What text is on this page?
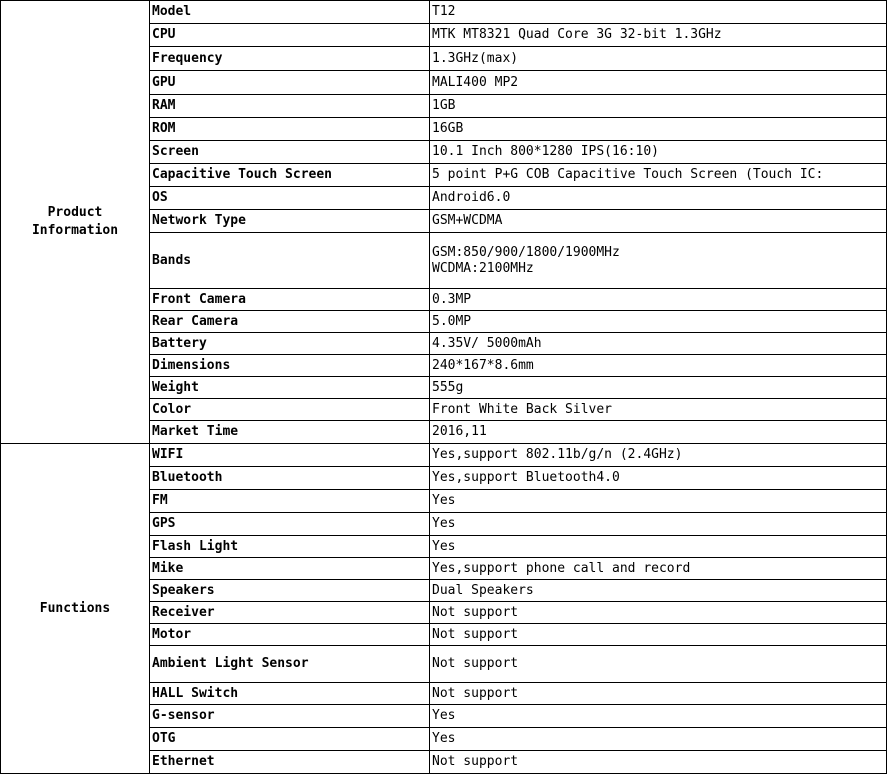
Product
Information	Model	T12
	CPU	MTK MT8321 Quad Core 3G 32-bit 1.3GHz
	Frequency	1.3GHz(max)
	GPU	MALI400 MP2
	RAM	1GB
	ROM	16GB
	Screen	10.1 Inch 800*1280 IPS(16:10)
	Capacitive Touch Screen	5 point P+G COB Capacitive Touch Screen (Touch IC:
	OS	Android6.0
	Network Type	GSM+WCDMA
	Bands	GSM:850/900/1800/1900MHz
WCDMA:2100MHz

	Front Camera	0.3MP
	Rear Camera	5.0MP
	Battery	4.35V/ 5000mAh
	Dimensions	240*167*8.6mm
	Weight	555g
	Color	Front White Back Silver
	Market Time	2016,11
Functions	WIFI	Yes,support 802.11b/g/n (2.4GHz)
	Bluetooth	Yes,support Bluetooth4.0
	FM	Yes
	GPS	Yes
	Flash Light	Yes
	Mike	Yes,support phone call and record
	Speakers	Dual Speakers
	Receiver	Not support
	Motor	Not support
	Ambient Light Sensor	Not support
	HALL Switch	Not support
	G-sensor	Yes
	OTG	Yes
	Ethernet	Not support
